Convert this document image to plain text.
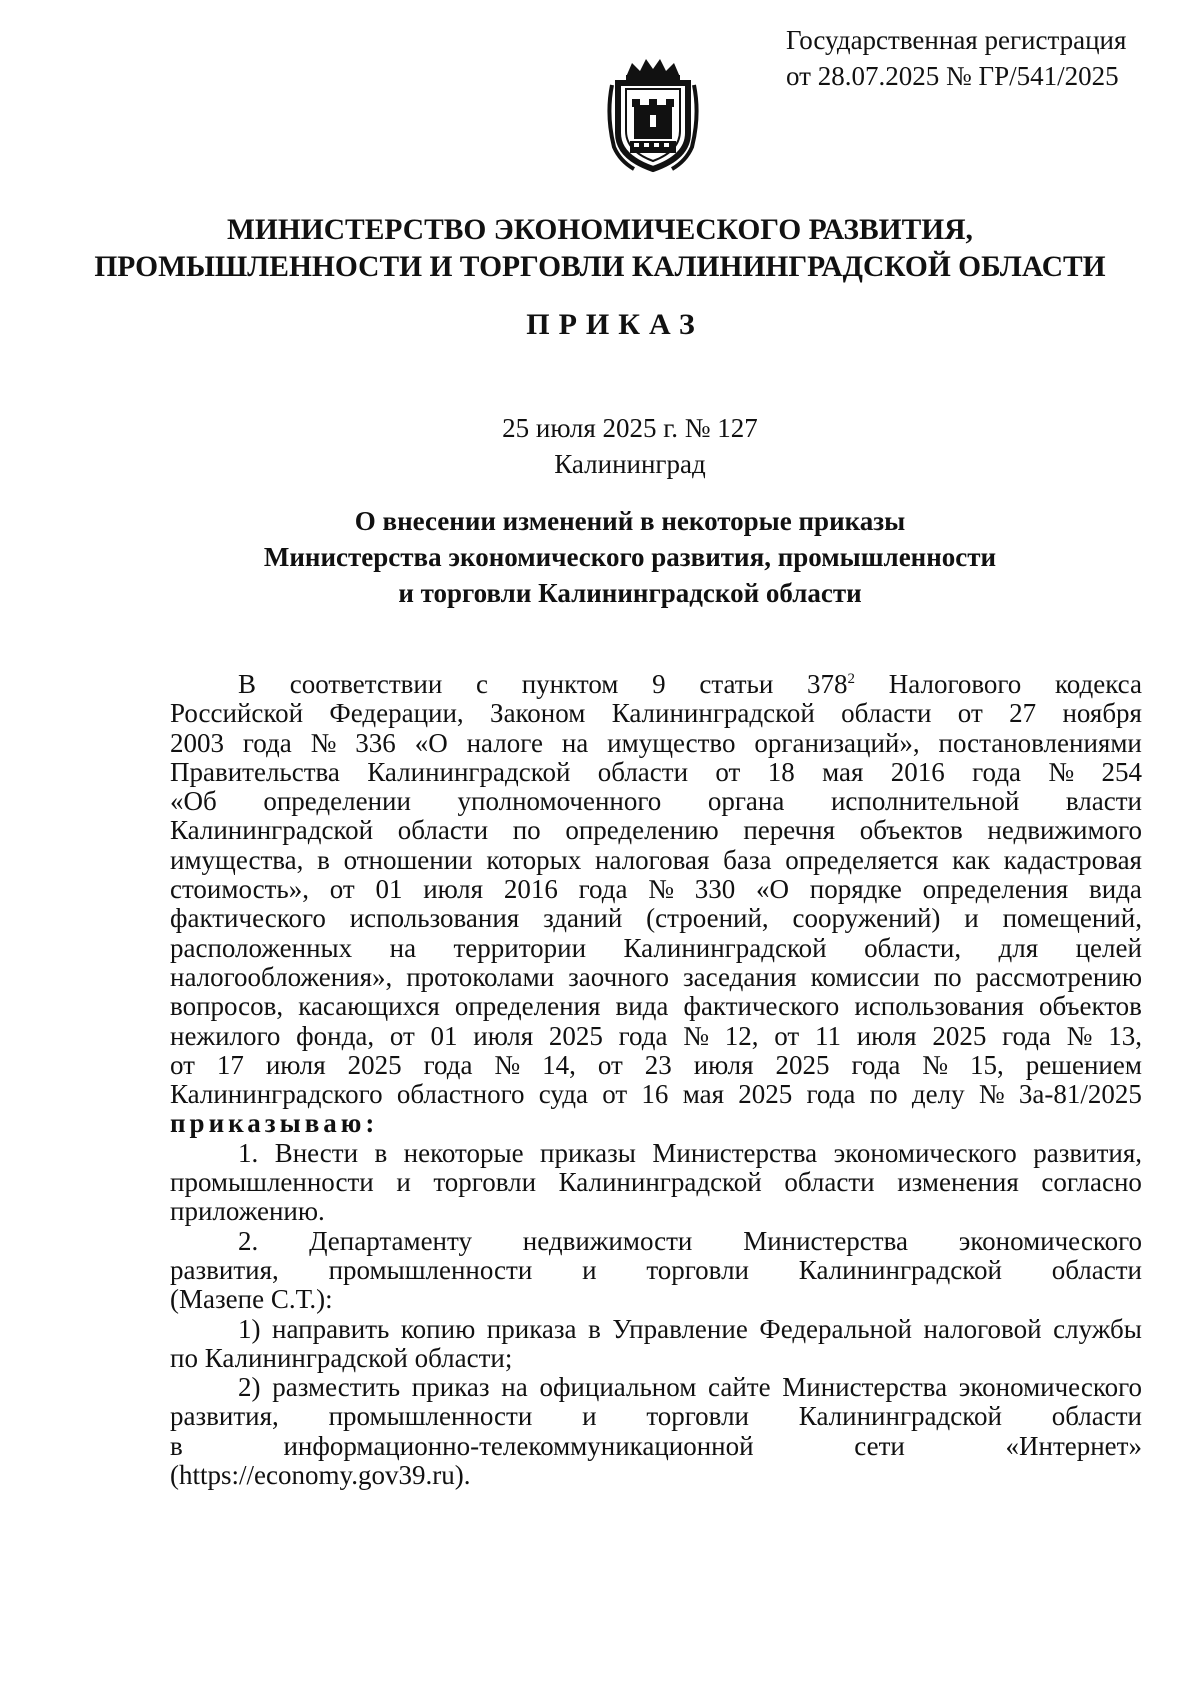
Государственная регистрация
от 28.07.2025 № ГР/541/2025
МИНИСТЕРСТВО ЭКОНОМИЧЕСКОГО РАЗВИТИЯ,
ПРОМЫШЛЕННОСТИ И ТОРГОВЛИ КАЛИНИНГРАДСКОЙ ОБЛАСТИ
ПРИКАЗ
25 июля 2025 г. № 127
Калининград
О внесении изменений в некоторые приказы
Министерства экономического развития, промышленности
и торговли Калининградской области
В соответствии с пунктом 9 статьи $378^2$ Налогового кодекса
Российской Федерации, Законом Калининградской области от 27 ноября
2003 года № 336 «О налоге на имущество организаций», постановлениями
Правительства Калининградской области от 18 мая 2016 года № 254
«Об определении уполномоченного органа исполнительной власти
Калининградской области по определению перечня объектов недвижимого
имущества, в отношении которых налоговая база определяется как кадастровая
стоимость», от 01 июля 2016 года № 330 «О порядке определения вида
фактического использования зданий (строений, сооружений) и помещений,
расположенных на территории Калининградской области, для целей
налогообложения», протоколами заочного заседания комиссии по рассмотрению
вопросов, касающихся определения вида фактического использования объектов
нежилого фонда, от 01 июля 2025 года № 12, от 11 июля 2025 года № 13,
от 17 июля 2025 года № 14, от 23 июля 2025 года № 15, решением
Калининградского областного суда от 16 мая 2025 года по делу № 3а-81/2025
приказываю:
1. Внести в некоторые приказы Министерства экономического развития,
промышленности и торговли Калининградской области изменения согласно
приложению.
2. Департаменту недвижимости Министерства экономического
развития, промышленности и торговли Калининградской области
(Мазепе С.Т.):
1) направить копию приказа в Управление Федеральной налоговой службы
по Калининградской области;
2) разместить приказ на официальном сайте Министерства экономического
развития, промышленности и торговли Калининградской области
в	информационно-телекоммуникационной	сети	«Интернет»
(https://economy.gov39.ru).
